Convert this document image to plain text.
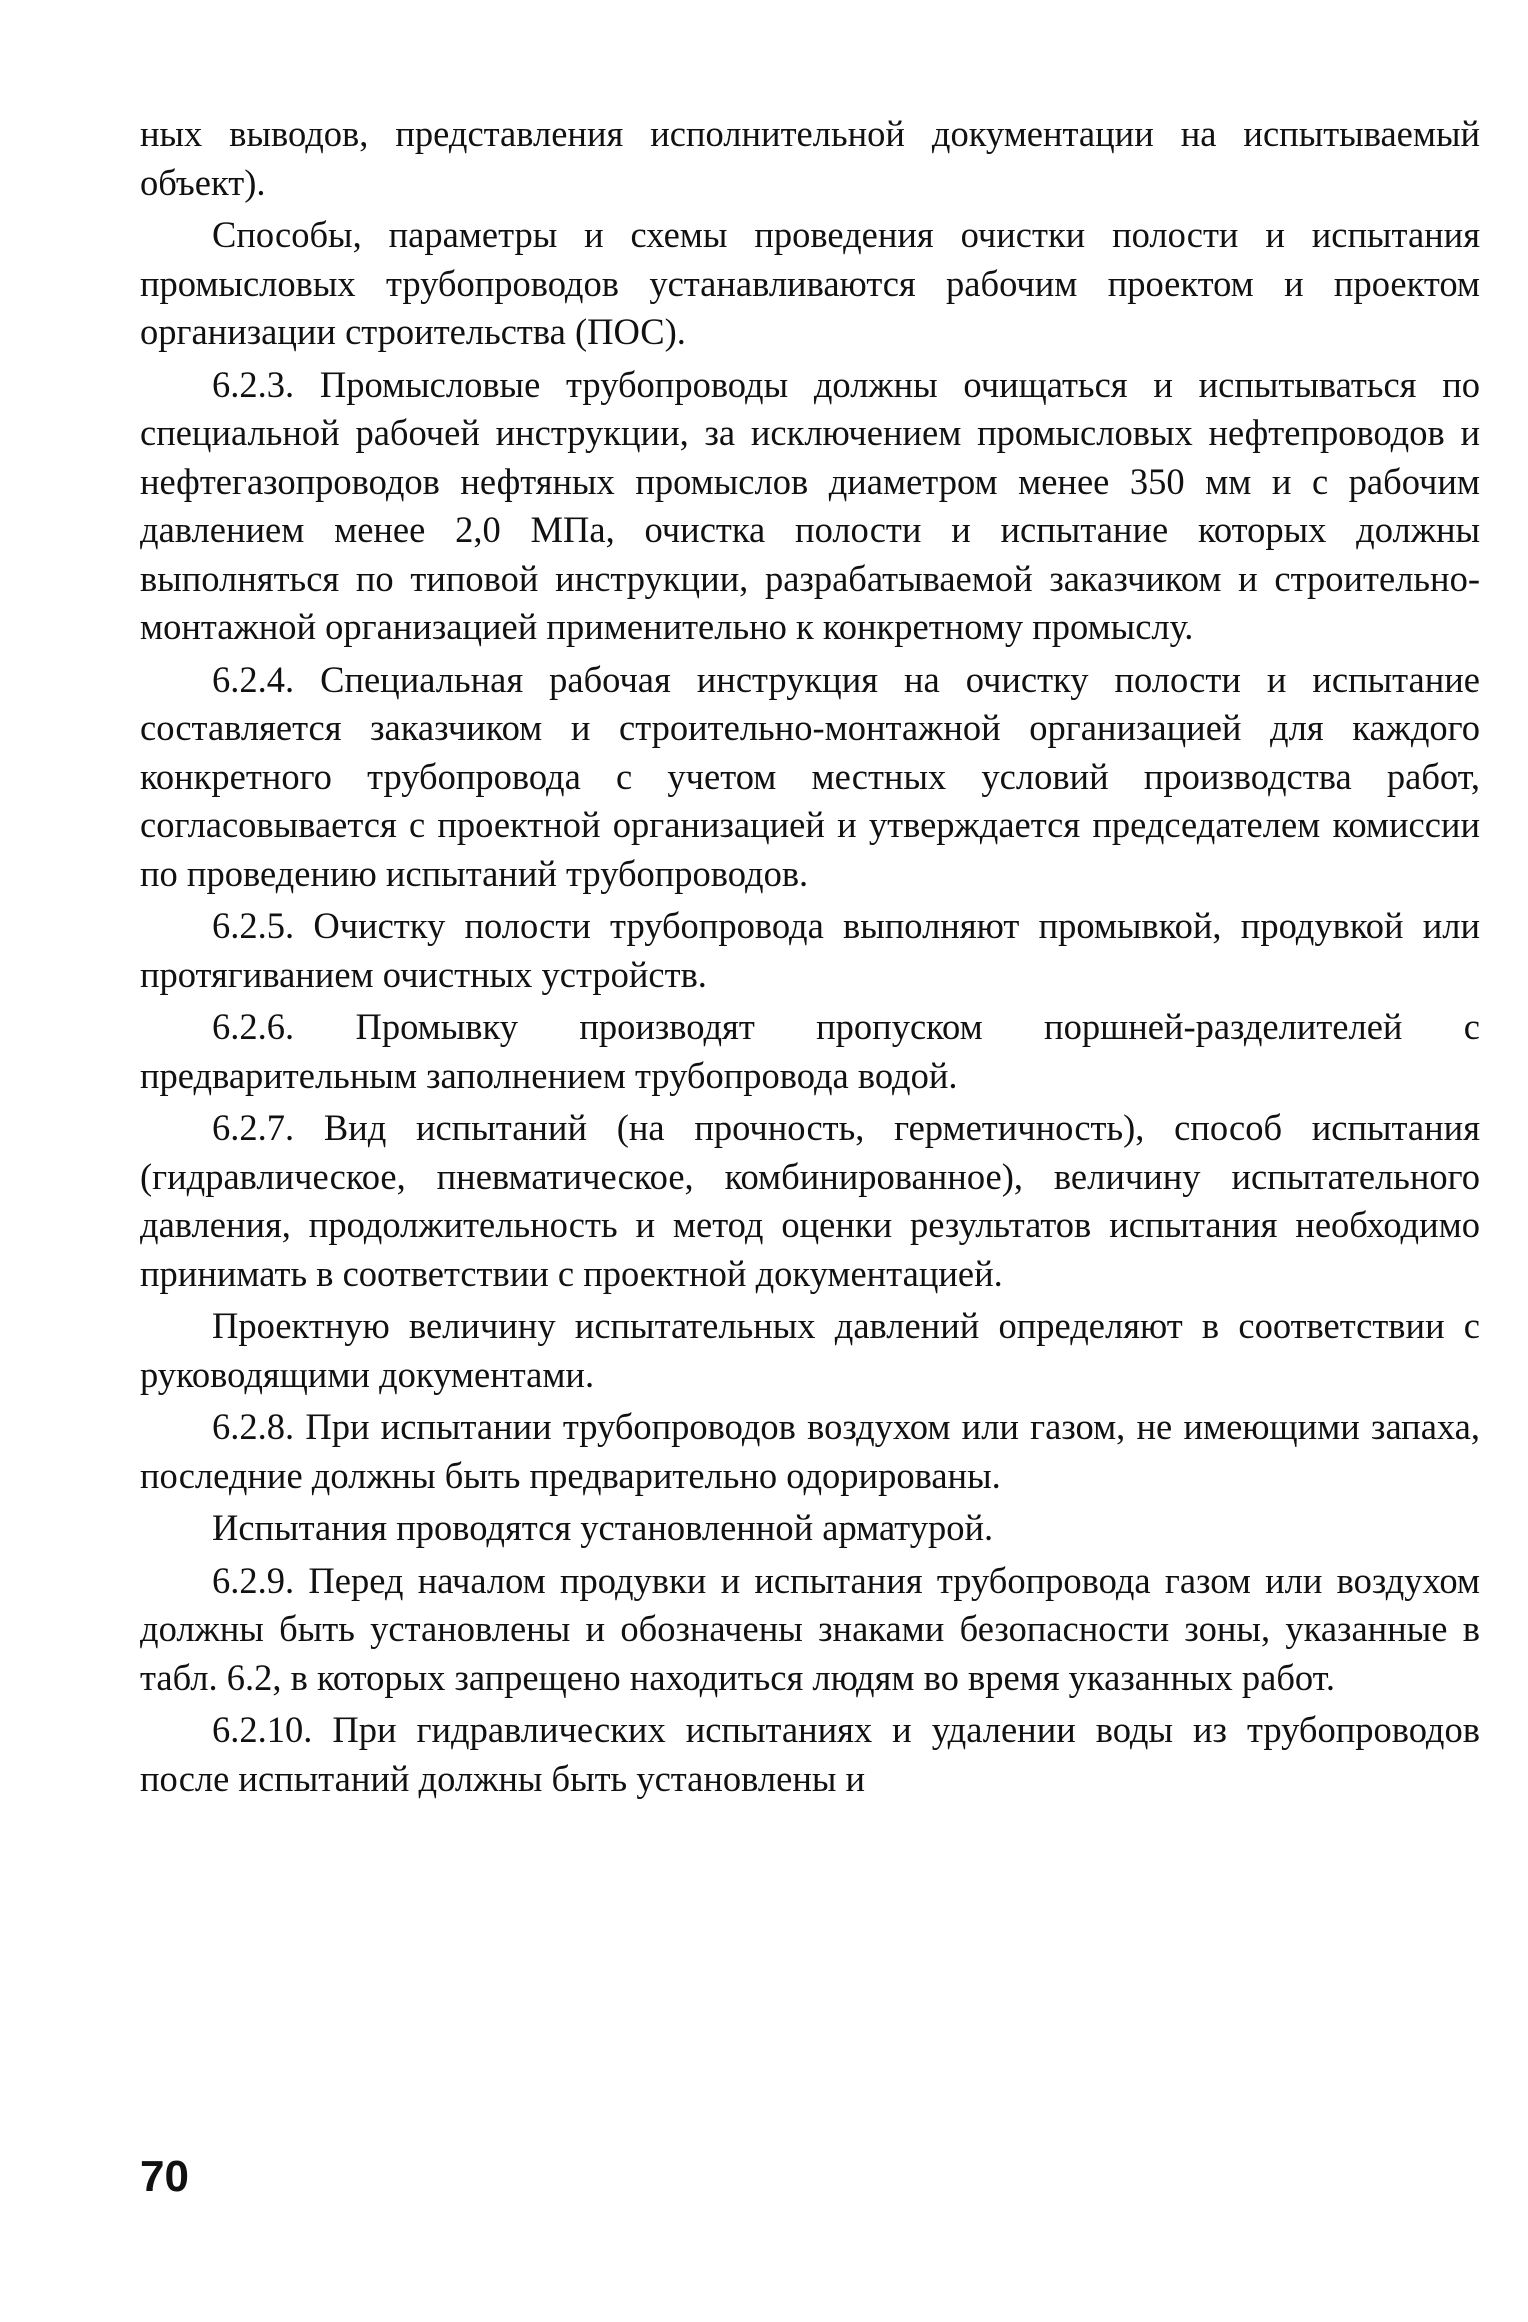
ных выводов, представления исполнительной документации на испытываемый объект).

Способы, параметры и схемы проведения очистки полости и испытания промысловых трубопроводов устанавливаются рабочим проектом и проектом организации строительства (ПОС).

6.2.3. Промысловые трубопроводы должны очищаться и испытываться по специальной рабочей инструкции, за исключением промысловых нефтепроводов и нефтегазопроводов нефтяных промыслов диаметром менее 350 мм и с рабочим давлением менее 2,0 МПа, очистка полости и испытание которых должны выполняться по типовой инструкции, разрабатываемой заказчиком и строительно-монтажной организацией применительно к конкретному промыслу.

6.2.4. Специальная рабочая инструкция на очистку полости и испытание составляется заказчиком и строительно-монтажной организацией для каждого конкретного трубопровода с учетом местных условий производства работ, согласовывается с проектной организацией и утверждается председателем комиссии по проведению испытаний трубопроводов.

6.2.5. Очистку полости трубопровода выполняют промывкой, продувкой или протягиванием очистных устройств.

6.2.6. Промывку производят пропуском поршней-разделителей с предварительным заполнением трубопровода водой.

6.2.7. Вид испытаний (на прочность, герметичность), способ испытания (гидравлическое, пневматическое, комбинированное), величину испытательного давления, продолжительность и метод оценки результатов испытания необходимо принимать в соответствии с проектной документацией.

Проектную величину испытательных давлений определяют в соответствии с руководящими документами.

6.2.8. При испытании трубопроводов воздухом или газом, не имеющими запаха, последние должны быть предварительно одорированы.

Испытания проводятся установленной арматурой.

6.2.9. Перед началом продувки и испытания трубопровода газом или воздухом должны быть установлены и обозначены знаками безопасности зоны, указанные в табл. 6.2, в которых запрещено находиться людям во время указанных работ.

6.2.10. При гидравлических испытаниях и удалении воды из трубопроводов после испытаний должны быть установлены и

70
